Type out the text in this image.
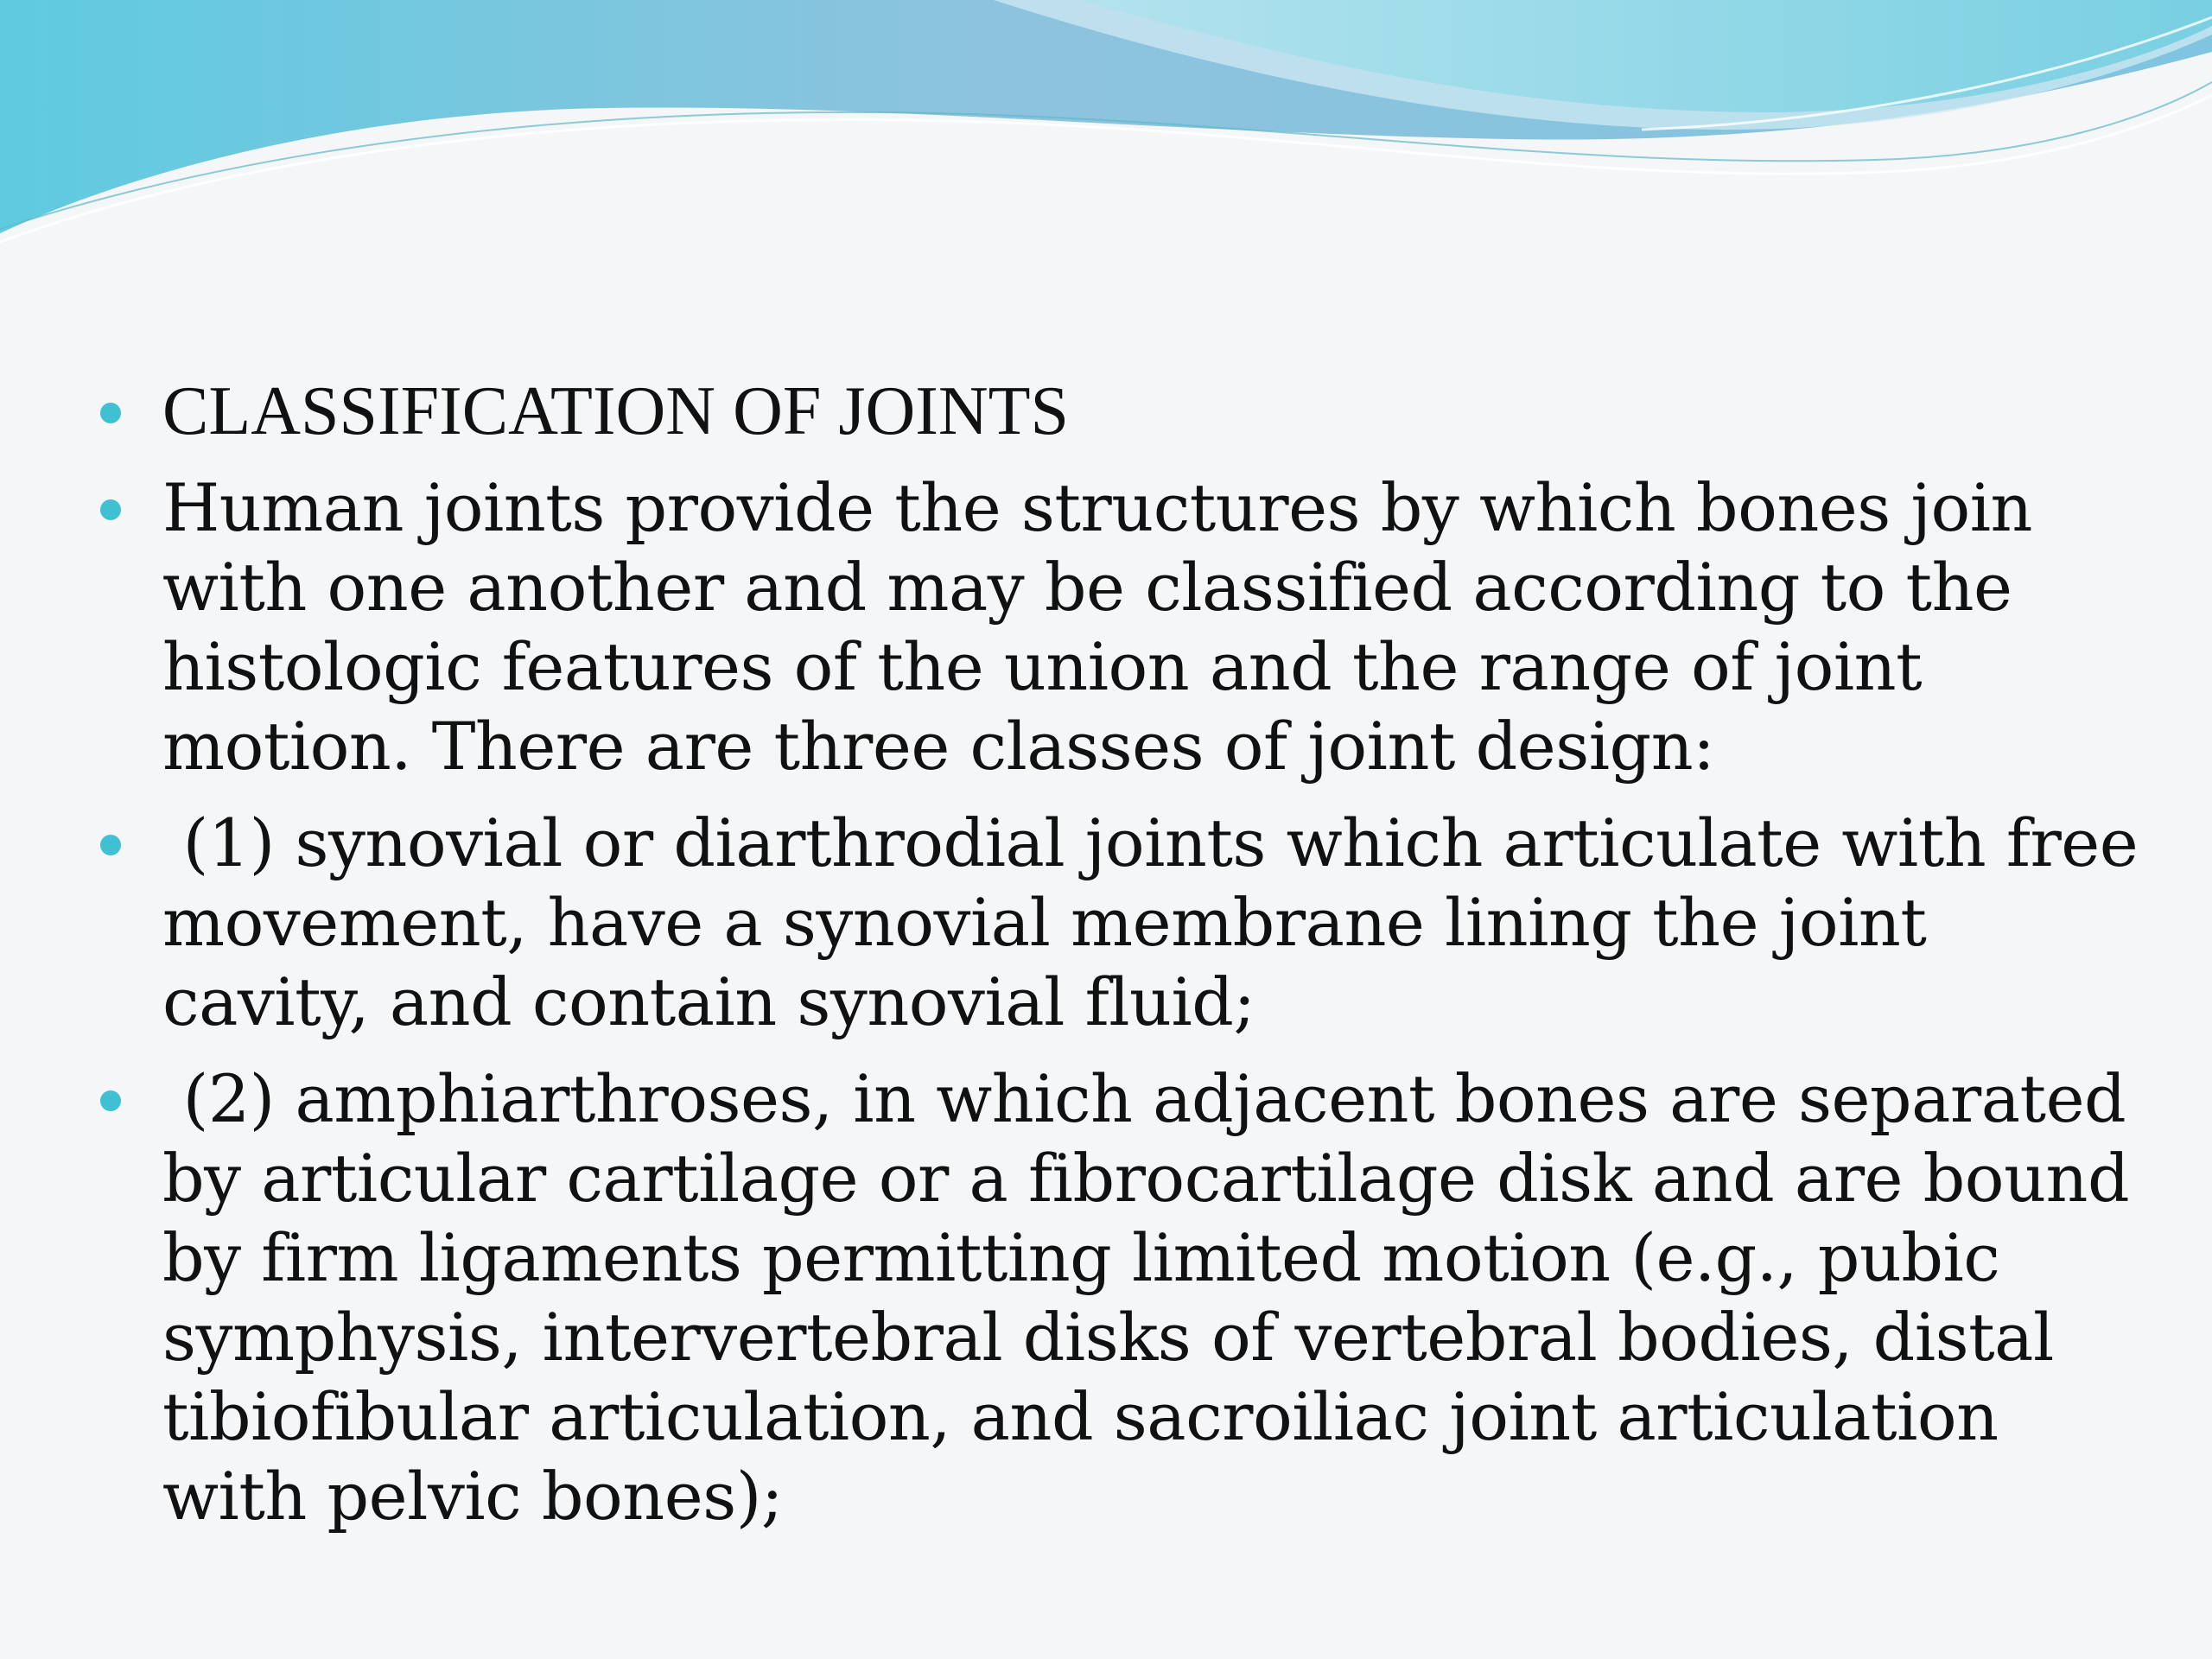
CLASSIFICATION OF JOINTS
Human joints provide the structures by which bones join with one another and may be classified according to the histologic features of the union and the range of joint motion. There are three classes of joint design:
(1) synovial or diarthrodial joints which articulate with free movement, have a synovial membrane lining the joint cavity, and contain synovial fluid;
(2) amphiarthroses, in which adjacent bones are separated by articular cartilage or a fibrocartilage disk and are bound by firm ligaments permitting limited motion (e.g., pubic symphysis, intervertebral disks of vertebral bodies, distal tibiofibular articulation, and sacroiliac joint articulation with pelvic bones);
